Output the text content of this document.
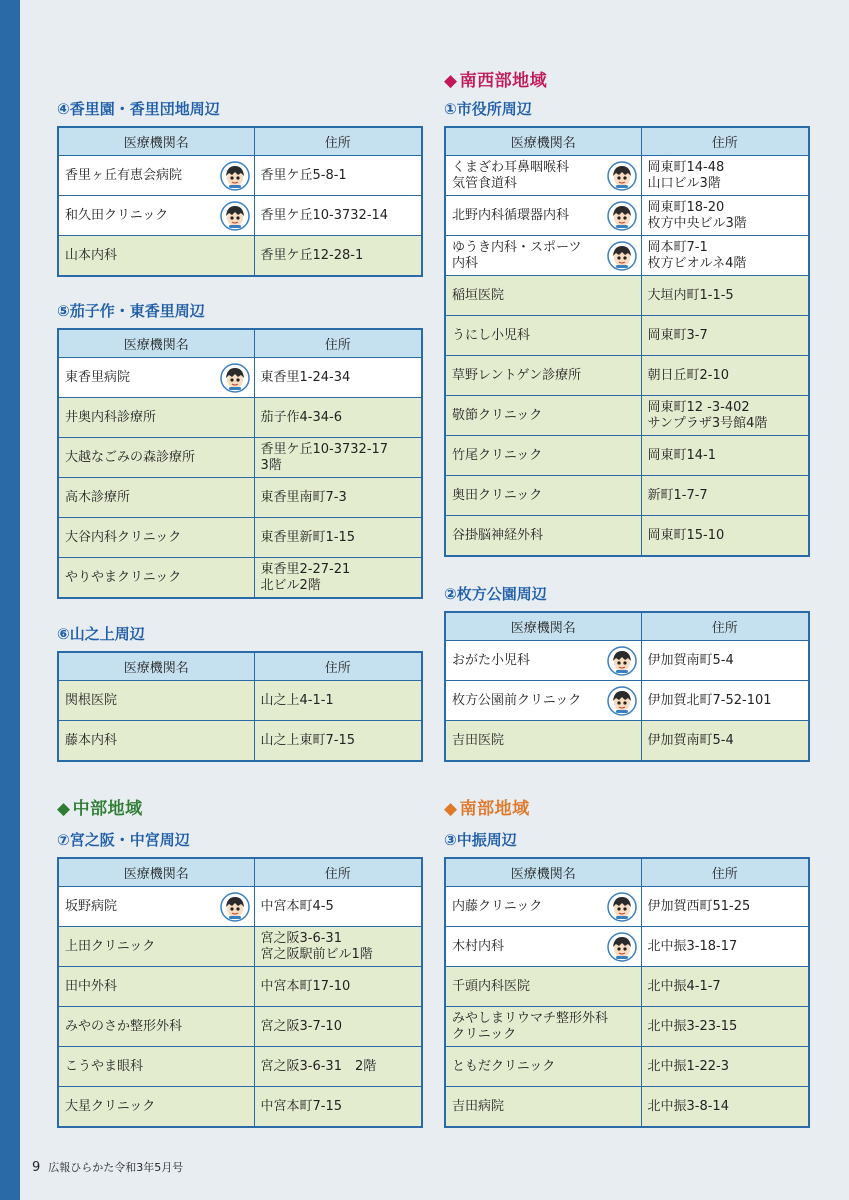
④香里園・香里団地周辺
医療機関名	住所
香里ヶ丘有恵会病院	香里ケ丘5-8-1
和久田クリニック	香里ケ丘10-3732-14
山本内科	香里ケ丘12-28-1
⑤茄子作・東香里周辺
医療機関名	住所
東香里病院	東香里1-24-34
井奥内科診療所	茄子作4-34-6
大越なごみの森診療所	香里ケ丘10-3732-17
3階
高木診療所	東香里南町7-3
大谷内科クリニック	東香里新町1-15
やりやまクリニック	東香里2-27-21
北ビル2階
⑥山之上周辺
医療機関名	住所
関根医院	山之上4-1-1
藤本内科	山之上東町7-15
◆ 中部地域
⑦宮之阪・中宮周辺
医療機関名	住所
坂野病院	中宮本町4-5
上田クリニック	宮之阪3-6-31
宮之阪駅前ビル1階
田中外科	中宮本町17-10
みやのさか整形外科	宮之阪3-7-10
こうやま眼科	宮之阪3-6-31　2階
大星クリニック	中宮本町7-15
◆ 南西部地域
①市役所周辺
医療機関名	住所
くまざわ耳鼻咽喉科
気管食道科	岡東町14-48
山口ビル3階
北野内科循環器内科	岡東町18-20
枚方中央ビル3階
ゆうき内科・スポーツ
内科	岡本町7-1
枚方ビオルネ4階
稲垣医院	大垣内町1-1-5
うにし小児科	岡東町3-7
草野レントゲン診療所	朝日丘町2-10
敬節クリニック	岡東町12 -3-402
サンプラザ3号館4階
竹尾クリニック	岡東町14-1
奥田クリニック	新町1-7-7
谷掛脳神経外科	岡東町15-10
②枚方公園周辺
医療機関名	住所
おがた小児科	伊加賀南町5-4
枚方公園前クリニック	伊加賀北町7-52-101
吉田医院	伊加賀南町5-4
◆ 南部地域
③中振周辺
医療機関名	住所
内藤クリニック	伊加賀西町51-25
木村内科	北中振3-18-17
千頭内科医院	北中振4-1-7
みやしまリウマチ整形外科
クリニック	北中振3-23-15
ともだクリニック	北中振1-22-3
吉田病院	北中振3-8-14
9 広報ひらかた令和3年5月号
